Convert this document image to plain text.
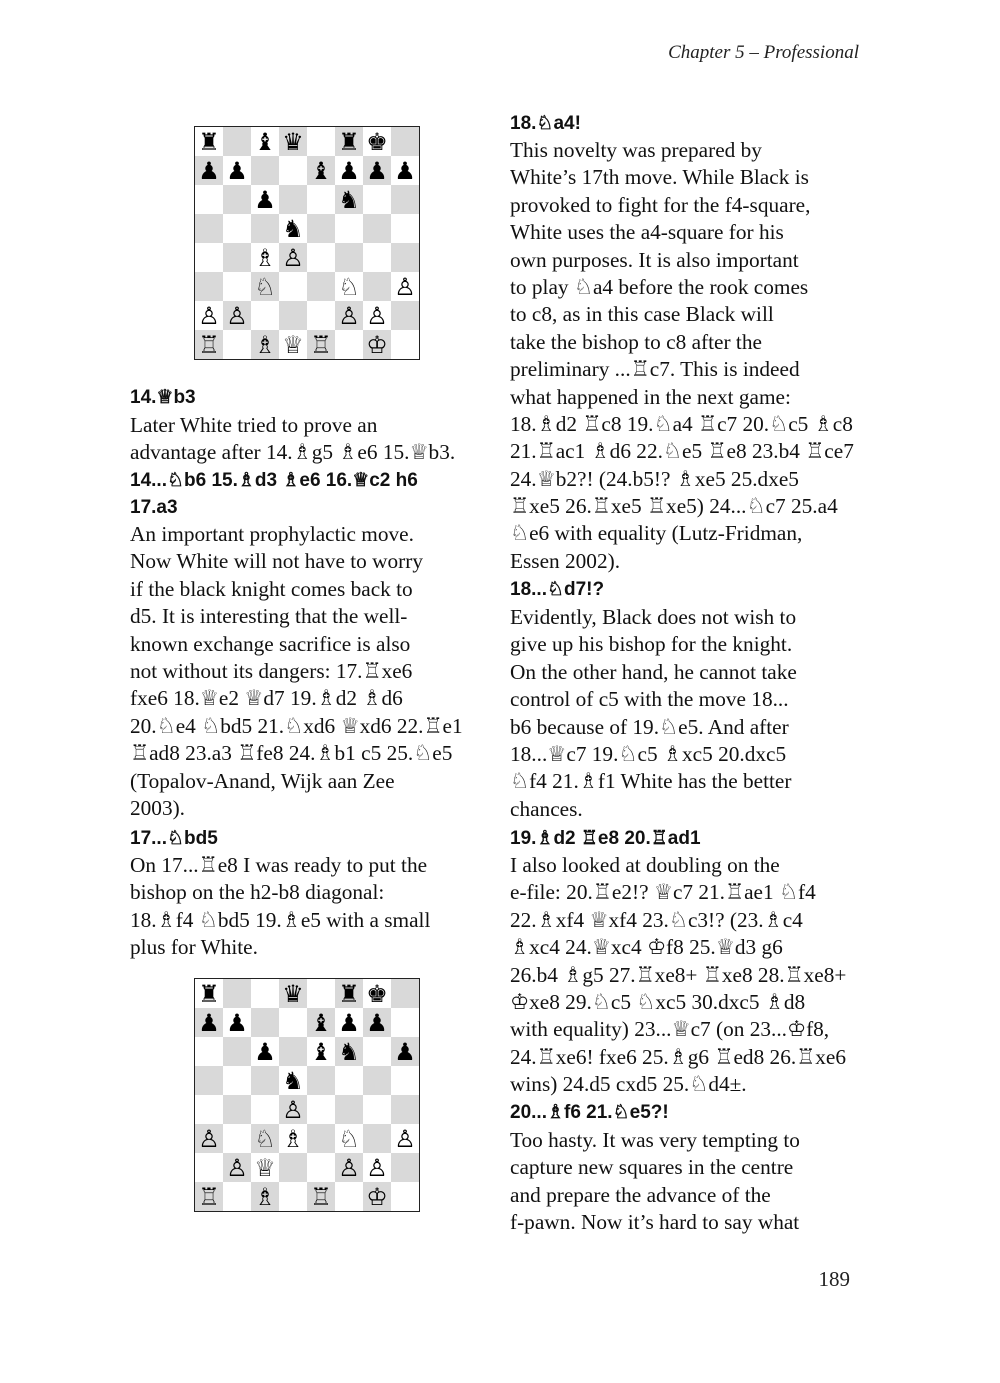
Chapter 5 – Professional
♜ ♝ ♛ ♜ ♚
♟ ♟	♝ ♟ ♟ ♟
♟	♞
♞
♗ ♙
♘	♘ ♙
♙ ♙	♙ ♙
♖ ♗ ♕ ♖ ♔
14.♕b3
Later White tried to prove an
advantage after 14.♗g5 ♗e6 15.♕b3.
14...♘b6 15.♗d3 ♗e6 16.♕c2 h6
17.a3
An important prophylactic move.
Now White will not have to worry
if the black knight comes back to
d5. It is interesting that the well-
known exchange sacrifice is also
not without its dangers: 17.♖xe6
fxe6 18.♕e2 ♕d7 19.♗d2 ♗d6
20.♘e4 ♘bd5 21.♘xd6 ♕xd6 22.♖e1
♖ad8 23.a3 ♖fe8 24.♗b1 c5 25.♘e5
(Topalov-Anand, Wijk aan Zee
2003).
17...♘bd5
On 17...♖e8 I was ready to put the
bishop on the h2-b8 diagonal:
18.♗f4 ♘bd5 19.♗e5 with a small
plus for White.
♜	♛ ♜ ♚
♟ ♟	♝ ♟ ♟
♟ ♝ ♞ ♟
♞
♙
♙ ♘ ♗ ♘ ♙
♙ ♕	♙ ♙
♖ ♗ ♖ ♔
18.♘a4!
This novelty was prepared by
White’s 17th move. While Black is
provoked to fight for the f4-square,
White uses the a4-square for his
own purposes. It is also important
to play ♘a4 before the rook comes
to c8, as in this case Black will
take the bishop to c8 after the
preliminary ...♖c7. This is indeed
what happened in the next game:
18.♗d2 ♖c8 19.♘a4 ♖c7 20.♘c5 ♗c8
21.♖ac1 ♗d6 22.♘e5 ♖e8 23.b4 ♖ce7
24.♕b2?! (24.b5!? ♗xe5 25.dxe5
♖xe5 26.♖xe5 ♖xe5) 24...♘c7 25.a4
♘e6 with equality (Lutz-Fridman,
Essen 2002).
18...♘d7!?
Evidently, Black does not wish to
give up his bishop for the knight.
On the other hand, he cannot take
control of c5 with the move 18...
b6 because of 19.♘e5. And after
18...♕c7 19.♘c5 ♗xc5 20.dxc5
♘f4 21.♗f1 White has the better
chances.
19.♗d2 ♖e8 20.♖ad1
I also looked at doubling on the
e-file: 20.♖e2!? ♕c7 21.♖ae1 ♘f4
22.♗xf4 ♕xf4 23.♘c3!? (23.♗c4
♗xc4 24.♕xc4 ♔f8 25.♕d3 g6
26.b4 ♗g5 27.♖xe8+ ♖xe8 28.♖xe8+
♔xe8 29.♘c5 ♘xc5 30.dxc5 ♗d8
with equality) 23...♕c7 (on 23...♔f8,
24.♖xe6! fxe6 25.♗g6 ♖ed8 26.♖xe6
wins) 24.d5 cxd5 25.♘d4±.
20...♗f6 21.♘e5?!
Too hasty. It was very tempting to
capture new squares in the centre
and prepare the advance of the
f-pawn. Now it’s hard to say what
189
